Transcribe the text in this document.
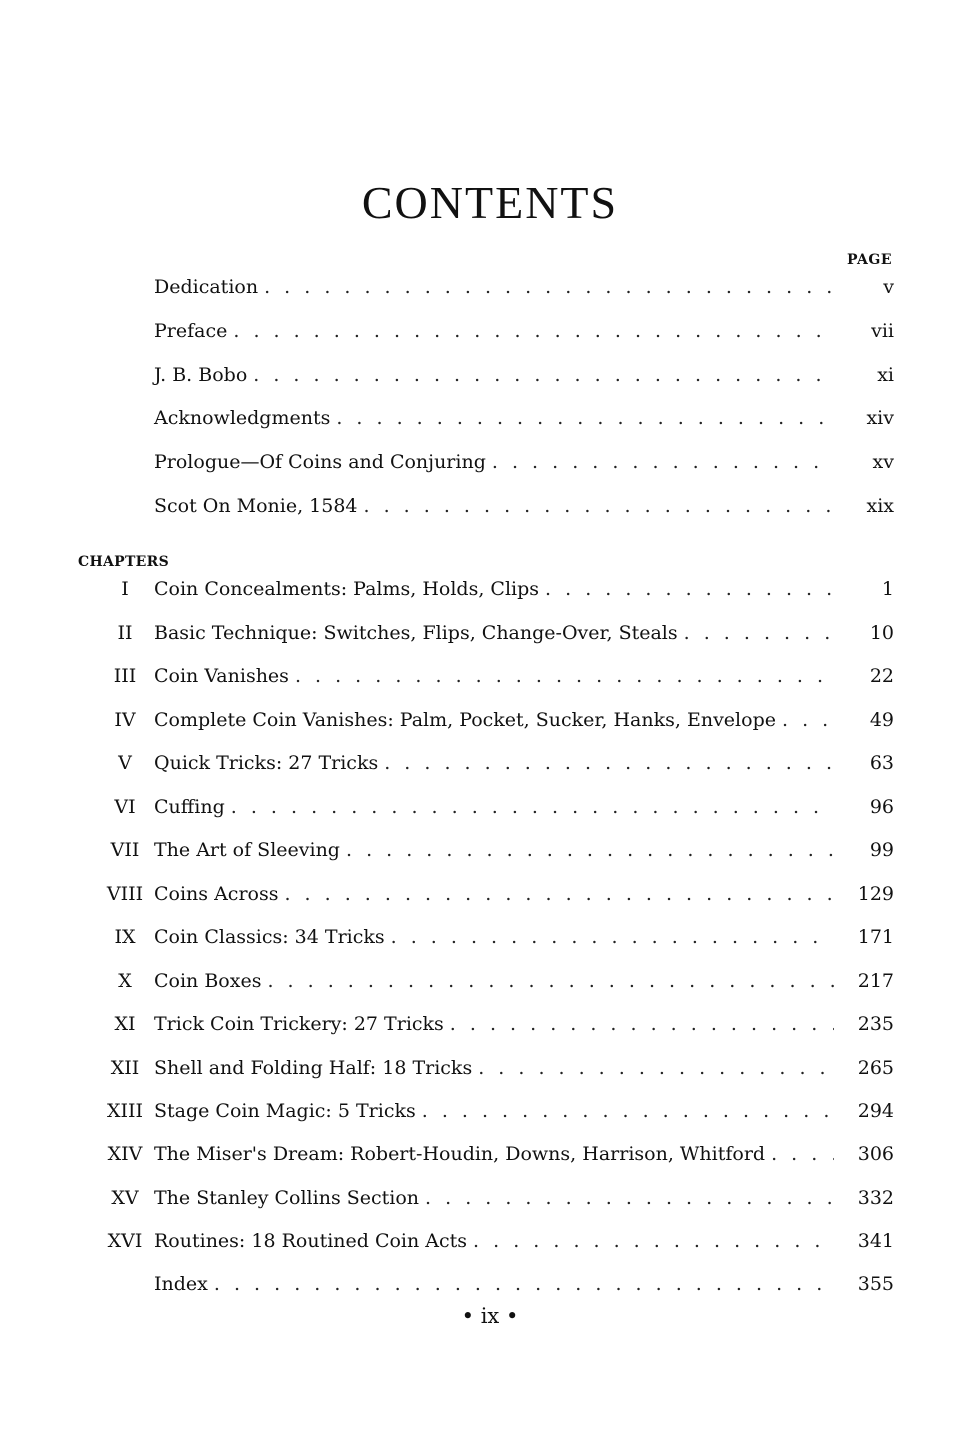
CONTENTS
PAGE
Dedication . . .	v
Preface . . .	vii
J. B. Bobo . . .	xi
Acknowledgments . . .	xiv
Prologue—Of Coins and Conjuring . . .	xv
Scot On Monie, 1584 . . .	xix
CHAPTERS
I	Coin Concealments: Palms, Holds, Clips . . .	1
II	Basic Technique: Switches, Flips, Change-Over, Steals . . .	10
III Coin Vanishes . . .	22
IV Complete Coin Vanishes: Palm, Pocket, Sucker, Hanks, Envelope . . .	49
V	Quick Tricks: 27 Tricks . . .	63
VI Cuffing . . .	96
VII The Art of Sleeving . . .	99
VIII Coins Across . . .	129
IX Coin Classics: 34 Tricks . . .	171
X	Coin Boxes . . .	217
XI Trick Coin Trickery: 27 Tricks . . .	235
XII Shell and Folding Half: 18 Tricks . . .	265
XIII Stage Coin Magic: 5 Tricks . . .	294
XIV The Miser's Dream: Robert-Houdin, Downs, Harrison, Whitford . . .	306
XV The Stanley Collins Section . . .	332
XVI Routines: 18 Routined Coin Acts . . .	341
Index . . .	355
• ix •
